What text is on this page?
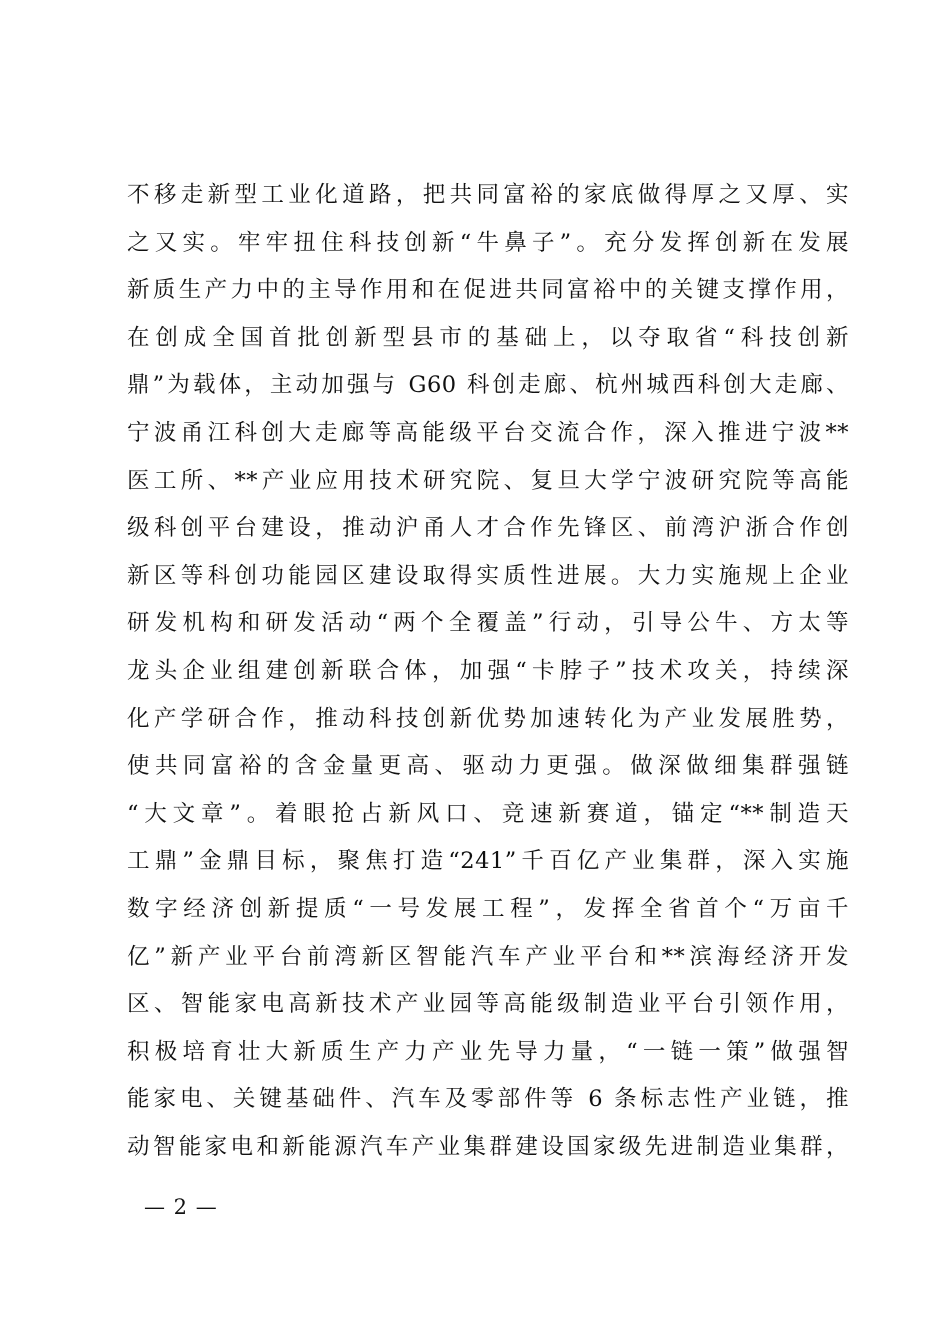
不移走新型工业化道路，把共同富裕的家底做得厚之又厚、实
之又实。牢牢扭住科技创新“牛鼻子”。充分发挥创新在发展
新质生产力中的主导作用和在促进共同富裕中的关键支撑作用，
在创成全国首批创新型县市的基础上，以夺取省“科技创新
鼎”为载体，主动加强与 G60 科创走廊、杭州城西科创大走廊、
宁波甬江科创大走廊等高能级平台交流合作，深入推进宁波**
医工所、**产业应用技术研究院、复旦大学宁波研究院等高能
级科创平台建设，推动沪甬人才合作先锋区、前湾沪浙合作创
新区等科创功能园区建设取得实质性进展。大力实施规上企业
研发机构和研发活动“两个全覆盖”行动，引导公牛、方太等
龙头企业组建创新联合体，加强“卡脖子”技术攻关，持续深
化产学研合作，推动科技创新优势加速转化为产业发展胜势，
使共同富裕的含金量更高、驱动力更强。做深做细集群强链
“大文章”。着眼抢占新风口、竞速新赛道，锚定“**制造天
工鼎”金鼎目标，聚焦打造“241”千百亿产业集群，深入实施
数字经济创新提质“一号发展工程”，发挥全省首个“万亩千
亿”新产业平台前湾新区智能汽车产业平台和**滨海经济开发
区、智能家电高新技术产业园等高能级制造业平台引领作用，
积极培育壮大新质生产力产业先导力量，“一链一策”做强智
能家电、关键基础件、汽车及零部件等 6 条标志性产业链，推
动智能家电和新能源汽车产业集群建设国家级先进制造业集群，
— 2 —
